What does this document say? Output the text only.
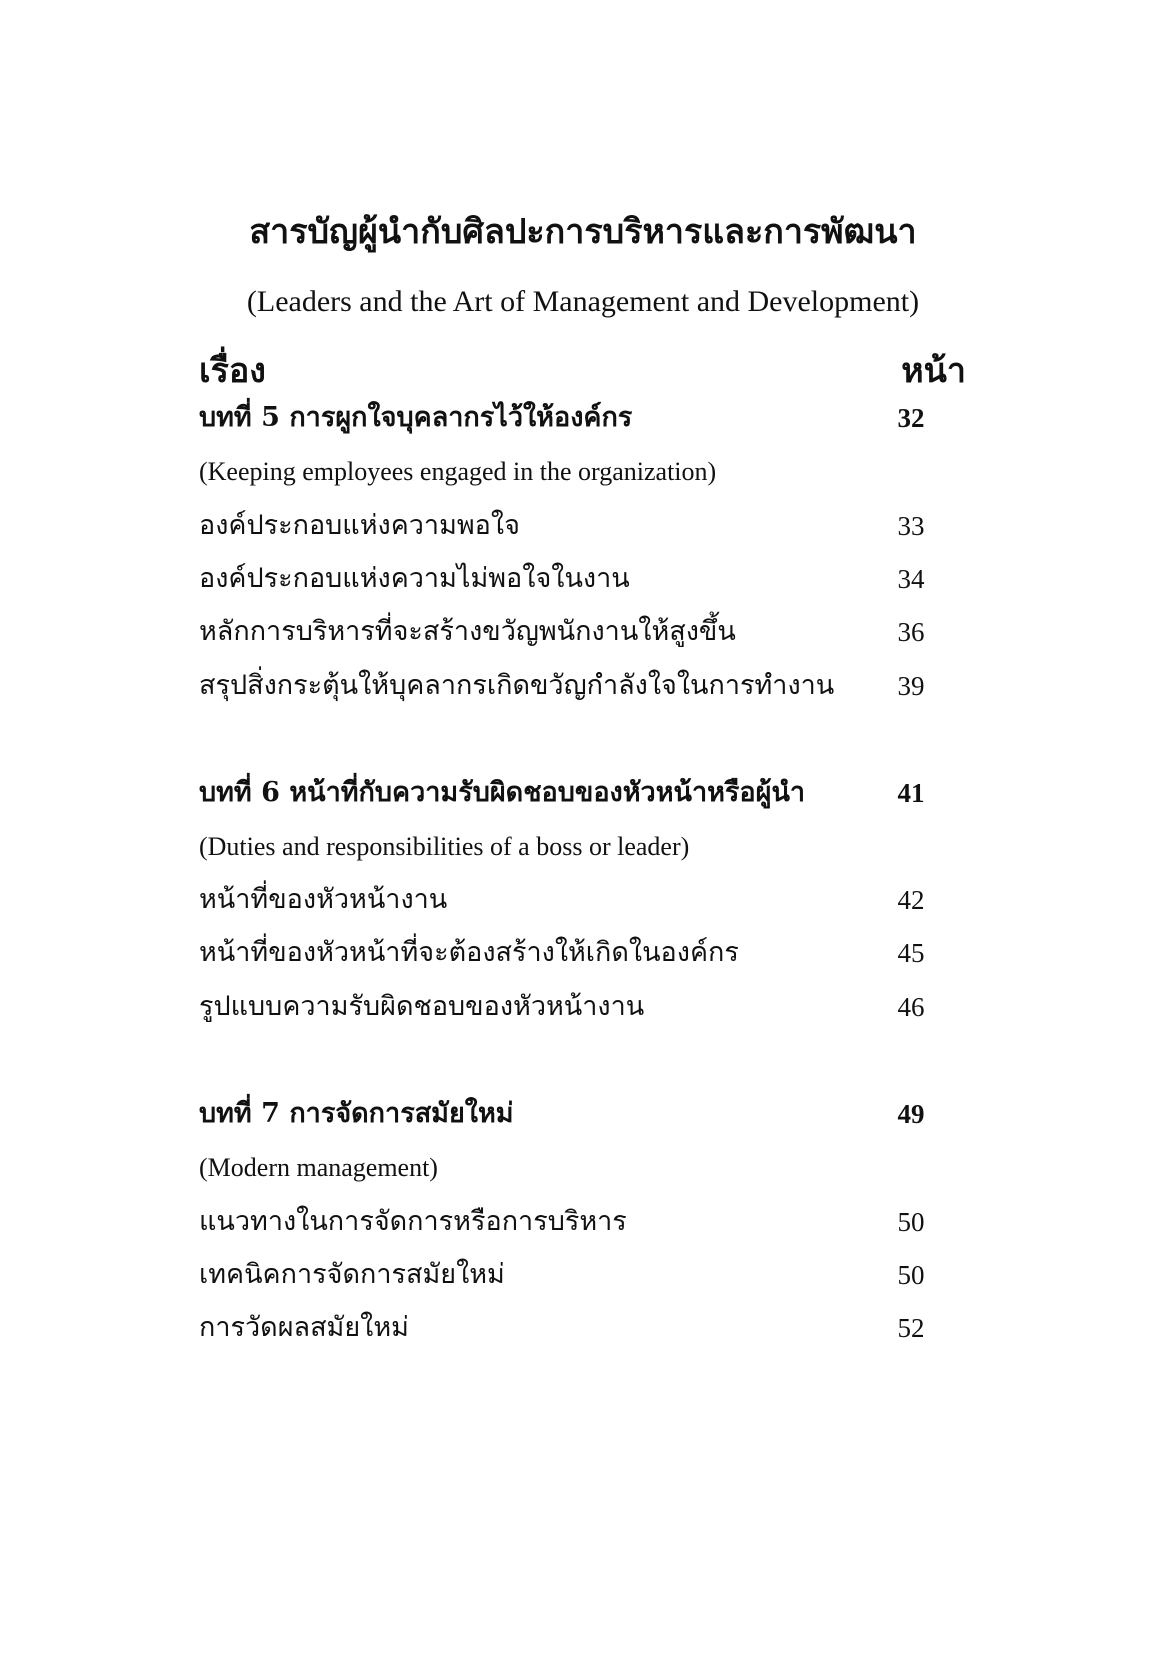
สารบัญผู้นำกับศิลปะการบริหารและการพัฒนา
(Leaders and the Art of Management and Development)
เรื่อง	หน้า
บทที่ 5 การผูกใจบุคลากรไว้ให้องค์กร	32
(Keeping employees engaged in the organization)
องค์ประกอบแห่งความพอใจ	33
องค์ประกอบแห่งความไม่พอใจในงาน	34
หลักการบริหารที่จะสร้างขวัญพนักงานให้สูงขึ้น	36
สรุปสิ่งกระตุ้นให้บุคลากรเกิดขวัญกำลังใจในการทำงาน	39
บทที่ 6 หน้าที่กับความรับผิดชอบของหัวหน้าหรือผู้นำ	41
(Duties and responsibilities of a boss or leader)
หน้าที่ของหัวหน้างาน	42
หน้าที่ของหัวหน้าที่จะต้องสร้างให้เกิดในองค์กร	45
รูปแบบความรับผิดชอบของหัวหน้างาน	46
บทที่ 7 การจัดการสมัยใหม่	49
(Modern management)
แนวทางในการจัดการหรือการบริหาร	50
เทคนิคการจัดการสมัยใหม่	50
การวัดผลสมัยใหม่	52
